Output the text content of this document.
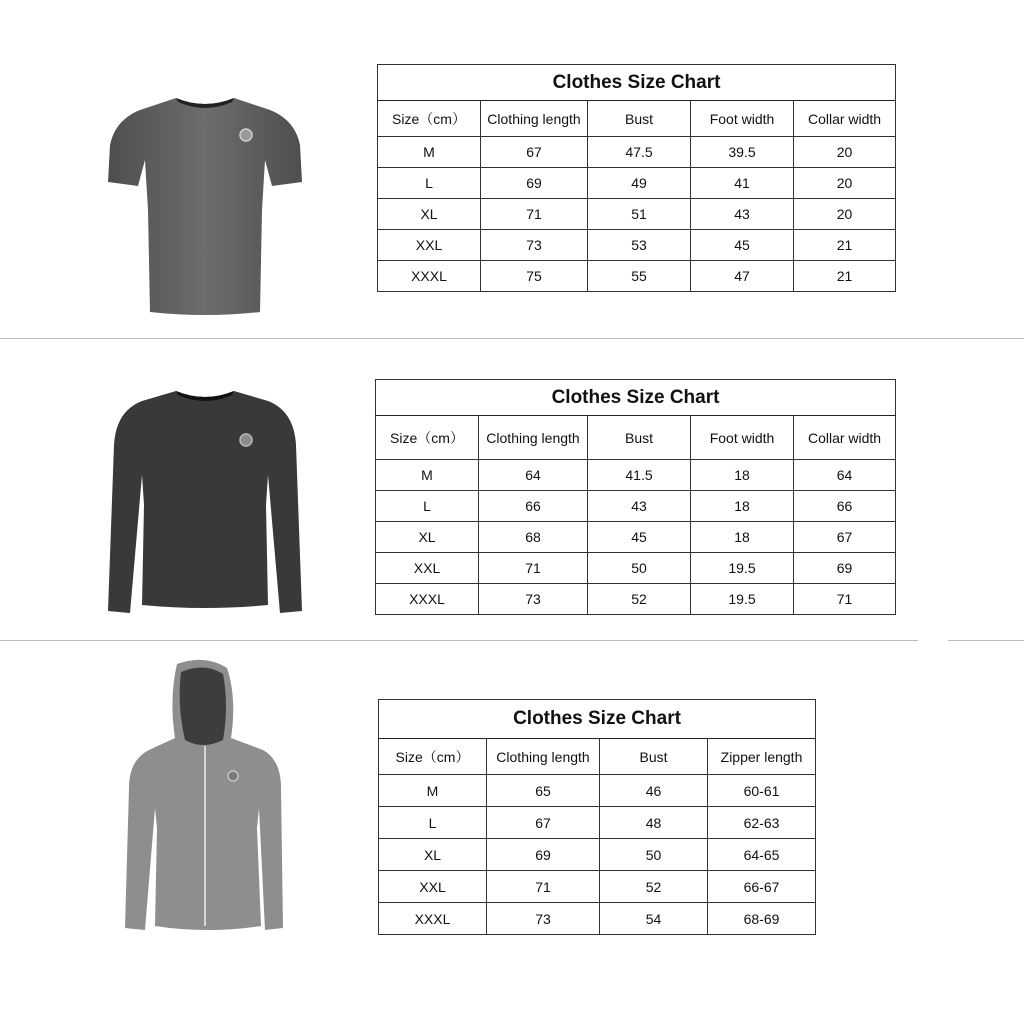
Clothes Size Chart				
Size（cm）	Clothing length	Bust	Foot width	Collar width
M	67	47.5	39.5	20
L	69	49	41	20
XL	71	51	43	20
XXL	73	53	45	21
XXXL	75	55	47	21
Clothes Size Chart				
Size（cm）	Clothing length	Bust	Foot width	Collar width
M	64	41.5	18	64
L	66	43	18	66
XL	68	45	18	67
XXL	71	50	19.5	69
XXXL	73	52	19.5	71
Clothes Size Chart			
Size（cm）	Clothing length	Bust	Zipper length
M	65	46	60-61
L	67	48	62-63
XL	69	50	64-65
XXL	71	52	66-67
XXXL	73	54	68-69
